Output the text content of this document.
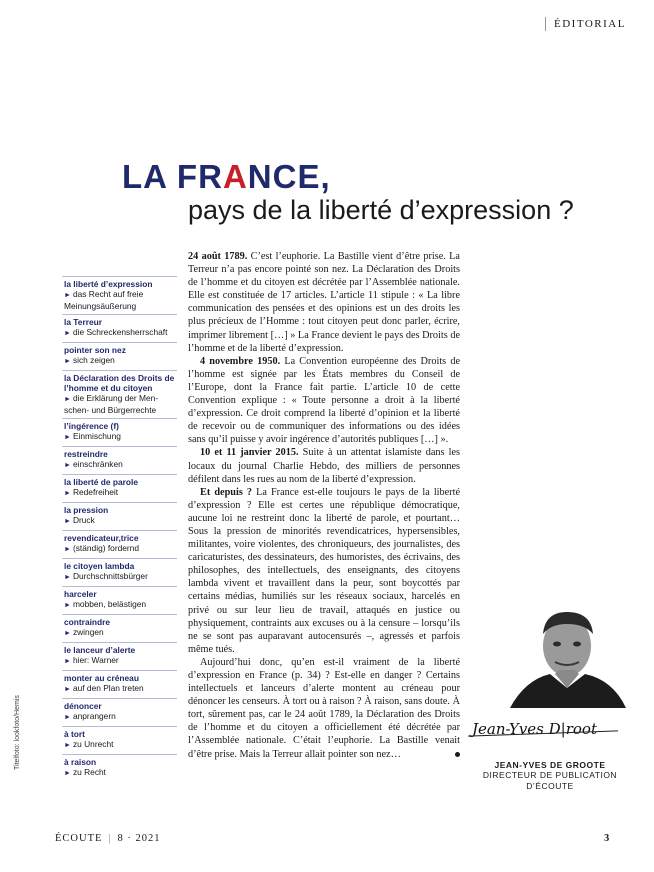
ÉDITORIAL
LA FRANCE,
pays de la liberté d’expression ?
la liberté d’expression
► das Recht auf freie Meinungsäußerung
la Terreur
► die Schreckensherrschaft
pointer son nez
► sich zeigen
la Déclaration des Droits de l’homme et du citoyen
► die Erklärung der Menschen- und Bürgerrechte
l’ingérence (f)
► Einmischung
restreindre
► einschränken
la liberté de parole
► Redefreiheit
la pression
► Druck
revendicateur,trice
► (ständig) fordernd
le citoyen lambda
► Durchschnittsbürger
harceler
► mobben, belästigen
contraindre
► zwingen
le lanceur d’alerte
► hier: Warner
monter au créneau
► auf den Plan treten
dénoncer
► anprangern
à tort
► zu Unrecht
à raison
► zu Recht
Titelfoto: lookfoto/Hemis

24 août 1789. C’est l’euphorie. La Bastille vient d’être prise. La Terreur n’a pas encore pointé son nez. La Déclaration des Droits de l’homme et du citoyen est décrétée par l’Assemblée nationale. Elle est constituée de 17 articles. L’article 11 stipule : « La libre communication des pensées et des opinions est un des droits les plus précieux de l’Homme : tout citoyen peut donc parler, écrire, imprimer librement […] » La France devient le pays des Droits de l’homme et de la liberté d’expression.

4 novembre 1950. La Convention européenne des Droits de l’homme est signée par les États membres du Conseil de l’Europe, dont la France fait partie. L’article 10 de cette Convention explique : « Toute personne a droit à la liberté d’expression. Ce droit comprend la liberté d’opinion et la liberté de recevoir ou de communiquer des informations ou des idées sans qu’il puisse y avoir ingérence d’autorités publiques […] ».

10 et 11 janvier 2015. Suite à un attentat islamiste dans les locaux du journal Charlie Hebdo, des milliers de personnes défilent dans les rues au nom de la liberté d’expression.

Et depuis ? La France est-elle toujours le pays de la liberté d’expression ? Elle est certes une république démocratique, aucune loi ne restreint donc la liberté de parole, et pourtant… Sous la pression de minorités revendicatrices, hypersensibles, militantes, voire violentes, des chroniqueurs, des journalistes, des caricaturistes, des dessinateurs, des humoristes, des écrivains, des philosophes, des intellectuels, des enseignants, des citoyens lambda vivent et travaillent dans la peur, sont boycottés par certains médias, humiliés sur les réseaux sociaux, harcelés en privé ou sur leur lieu de travail, attaqués en justice ou physiquement, contraints aux excuses ou à la censure – lorsqu’ils ne se sont pas auparavant autocensurés –, agressés et parfois même tués.

Aujourd’hui donc, qu’en est-il vraiment de la liberté d’expression en France (p. 34) ? Est-elle en danger ? Certains intellectuels et lanceurs d’alerte montent au créneau pour dénoncer les censeurs. À tort ou à raison ? À raison, sans doute. À tort, sûrement pas, car le 24 août 1789, la Déclaration des Droits de l’homme et du citoyen a officiellement été décrétée par l’Assemblée nationale. C’était l’euphorie. La Bastille venait d’être prise. Mais la Terreur allait pointer son nez…

Jean-Yves D|root
JEAN-YVES DE GROOTE
DIRECTEUR DE PUBLICATION
D’ÉCOUTE
ÉCOUTE | 8 · 2021	3
